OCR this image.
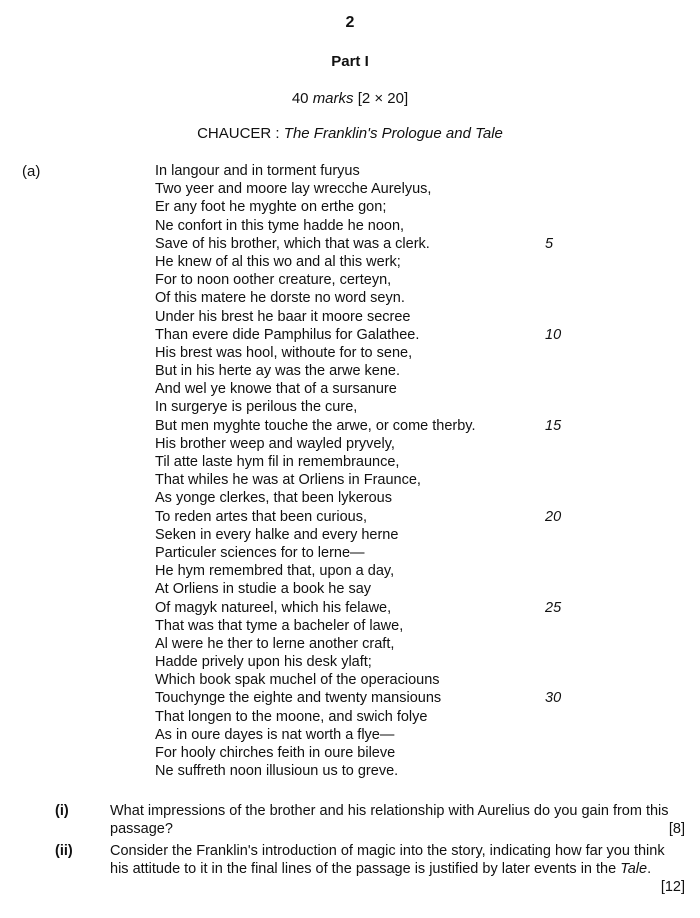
2
Part I
40 marks [2 × 20]
CHAUCER : The Franklin's Prologue and Tale
(a)	In langour and in torment furyus
Two yeer and moore lay wrecche Aurelyus,
Er any foot he myghte on erthe gon;
Ne confort in this tyme hadde he noon,
Save of his brother, which that was a clerk.	5
He knew of al this wo and al this werk;
For to noon oother creature, certeyn,
Of this matere he dorste no word seyn.
Under his brest he baar it moore secree
Than evere dide Pamphilus for Galathee.	10
His brest was hool, withoute for to sene,
But in his herte ay was the arwe kene.
And wel ye knowe that of a sursanure
In surgerye is perilous the cure,
But men myghte touche the arwe, or come therby.	15
His brother weep and wayled pryvely,
Til atte laste hym fil in remembraunce,
That whiles he was at Orliens in Fraunce,
As yonge clerkes, that been lykerous
To reden artes that been curious,	20
Seken in every halke and every herne
Particuler sciences for to lerne—
He hym remembred that, upon a day,
At Orliens in studie a book he say
Of magyk natureel, which his felawe,	25
That was that tyme a bacheler of lawe,
Al were he ther to lerne another craft,
Hadde prively upon his desk ylaft;
Which book spak muchel of the operaciouns
Touchynge the eighte and twenty mansiouns	30
That longen to the moone, and swich folye
As in oure dayes is nat worth a flye—
For hooly chirches feith in oure bileve
Ne suffreth noon illusioun us to greve.
(i)	What impressions of the brother and his relationship with Aurelius do you gain from this passage?	[8]
(ii)	Consider the Franklin's introduction of magic into the story, indicating how far you think his attitude to it in the final lines of the passage is justified by later events in the Tale.
[12]
